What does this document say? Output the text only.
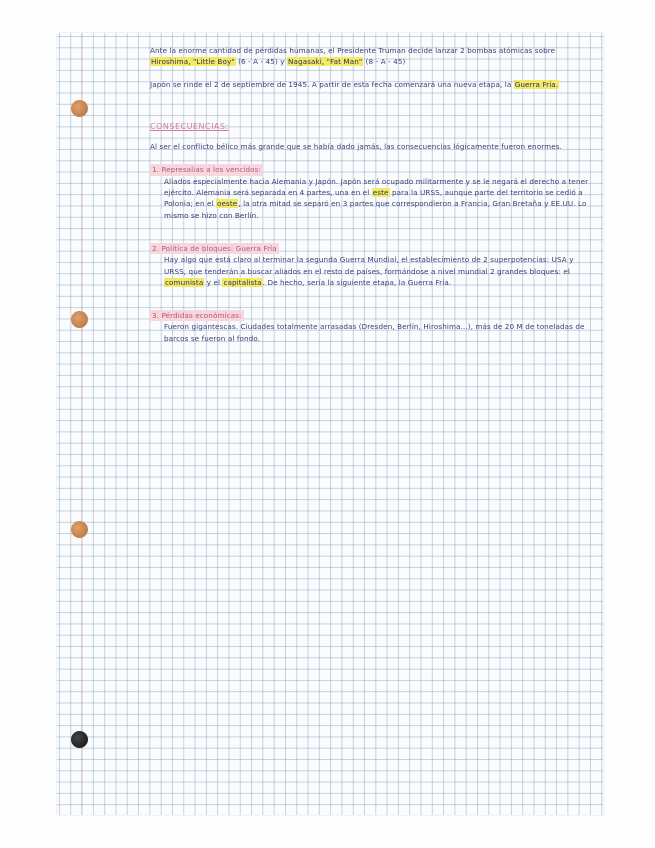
Ante la enorme cantidad de pérdidas humanas, el Presidente Truman decide lanzar 2 bombas atómicas sobre Hiroshima, "Little Boy" (6 - A - 45) y Nagasaki, "Fat Man" (8 - A - 45)

Japón se rinde el 2 de septiembre de 1945. A partir de esta fecha comenzará una nueva etapa, la Guerra Fría.

CONSECUENCIAS:

Al ser el conflicto bélico más grande que se había dado jamás, las consecuencias lógicamente fueron enormes.

1. Represalias a los vencidos:

Aliados especialmente hacia Alemania y Japón. Japón será ocupado militarmente y se le negará el derecho a tener ejército. Alemania será separada en 4 partes, una en el este para la URSS, aunque parte del territorio se cedió a Polonia; en el oeste, la otra mitad se separó en 3 partes que correspondieron a Francia, Gran Bretaña y EE.UU. Lo mismo se hizo con Berlín.

2. Política de bloques: Guerra Fría

Hay algo que está claro al terminar la segunda Guerra Mundial, el establecimiento de 2 superpotencias: USA y URSS, que tenderán a buscar aliados en el resto de países, formándose a nivel mundial 2 grandes bloques: el comunista y el capitalista. De hecho, sería la siguiente etapa, la Guerra Fría.

3. Pérdidas económicas:

Fueron gigantescas. Ciudades totalmente arrasadas (Dresden, Berlín, Hiroshima...), más de 20 M de toneladas de barcos se fueron al fondo.
